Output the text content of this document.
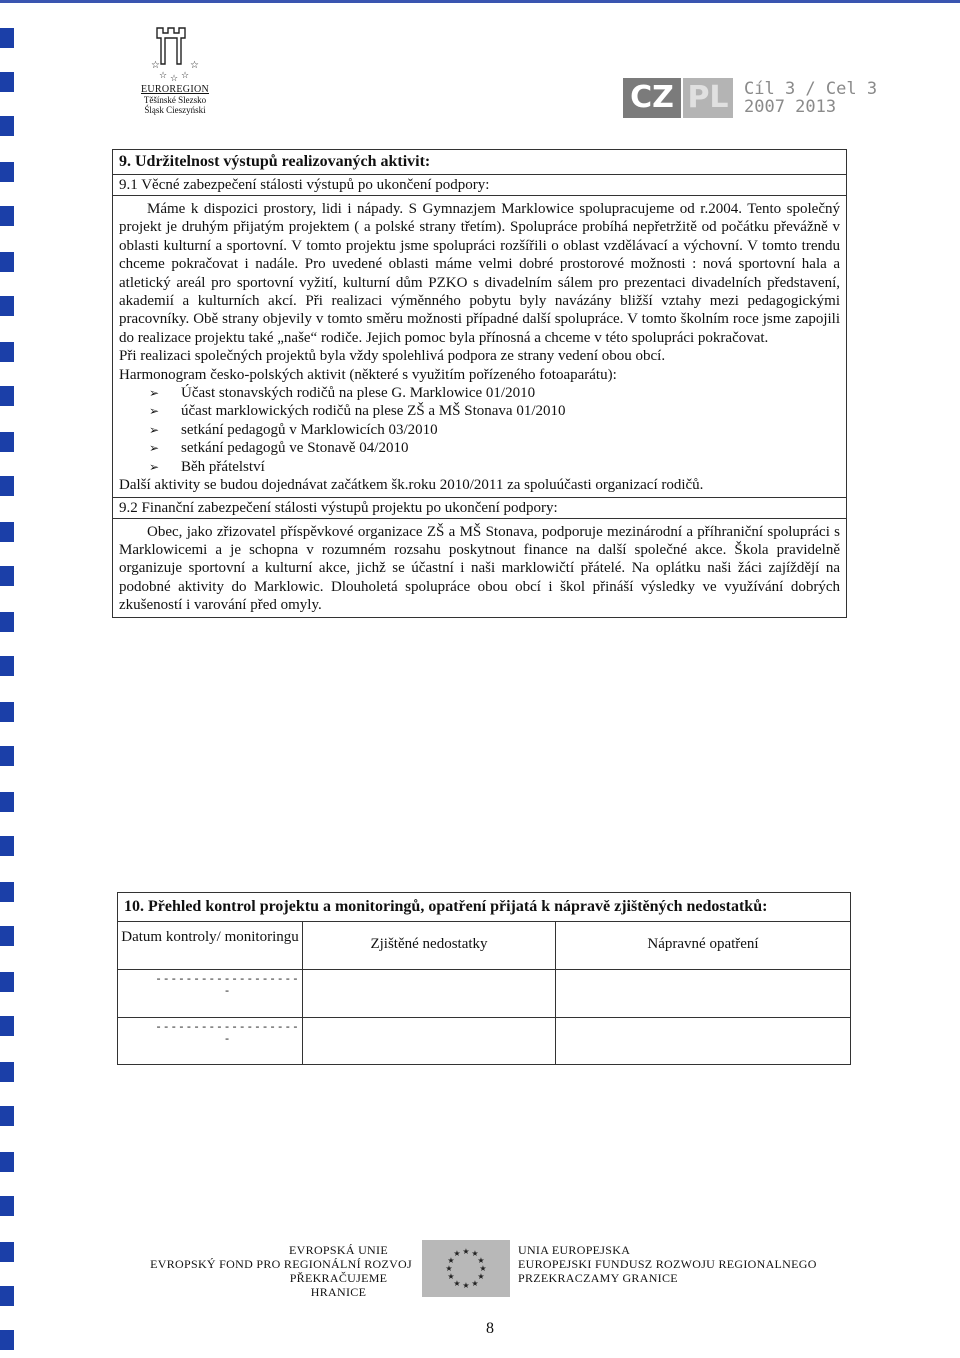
☆	☆
☆ ☆ ☆
EUROREGION
Těšínské Slezsko
Śląsk Cieszyński	CZ PL Cíl 3 / Cel 3
2007 2013
9. Udržitelnost výstupů realizovaných aktivit:
9.1 Věcné zabezpečení stálosti výstupů po ukončení podpory:

Máme k dispozici prostory, lidi i nápady. S Gymnazjem Marklowice spolupracujeme od r.2004. Tento společný projekt je druhým přijatým projektem ( a polské strany třetím). Spolupráce probíhá nepřetržitě od počátku převážně v oblasti kulturní a sportovní. V tomto projektu jsme spolupráci rozšířili o oblast vzdělávací a výchovní. V tomto trendu chceme pokračovat i nadále. Pro uvedené oblasti máme velmi dobré prostorové možnosti : nová sportovní hala a atletický areál pro sportovní vyžití, kulturní dům PZKO s divadelním sálem pro prezentaci divadelních představení, akademií a kulturních akcí. Při realizaci výměnného pobytu byly navázány bližší vztahy mezi pedagogickými pracovníky. Obě strany objevily v tomto směru možnosti případné další spolupráce. V tomto školním roce jsme zapojili do realizace projektu také „naše“ rodiče. Jejich pomoc byla přínosná a chceme v této spolupráci pokračovat.

Při realizaci společných projektů byla vždy spolehlivá podpora ze strany vedení obou obcí.

Harmonogram česko-polských aktivit (některé s využitím pořízeného fotoaparátu):

➢ Účast stonavských rodičů na plese G. Marklowice 01/2010
➢ účast marklowických rodičů na plese ZŠ a MŠ Stonava 01/2010
➢ setkání pedagogů v Marklowicích 03/2010
➢ setkání pedagogů ve Stonavě 04/2010
➢ Běh přátelství

Další aktivity se budou dojednávat začátkem šk.roku 2010/2011 za spoluúčasti organizací rodičů.

9.2 Finanční zabezpečení stálosti výstupů projektu po ukončení podpory:

Obec, jako zřizovatel příspěvkové organizace ZŠ a MŠ Stonava, podporuje mezinárodní a příhraniční spolupráci s Marklowicemi a je schopna v rozumném rozsahu poskytnout finance na další společné akce. Škola pravidelně organizuje sportovní a kulturní akce, jichž se účastní i naši marklowičtí přátelé. Na oplátku naši žáci zajíždějí na podobné aktivity do Marklowic. Dlouholetá spolupráce obou obcí i škol přináší výsledky ve využívání dobrých zkušeností i varování před omyly.

10. Přehled kontrol projektu a monitoringů, opatření přijatá k nápravě zjištěných nedostatků:
Datum kontroly/ monitoringu	Zjištěné nedostatky	Nápravné opatření
--------------------		
--------------------		
EVROPSKÁ UNIE
EVROPSKÝ FOND PRO REGIONÁLNÍ ROZVOJ
PŘEKRAČUJEME HRANICE
★ ★
★
★
★
★
★
★
★
★
★
★	UNIA EUROPEJSKA
EUROPEJSKI FUNDUSZ ROZWOJU REGIONALNEGO
PRZEKRACZAMY GRANICE
8
